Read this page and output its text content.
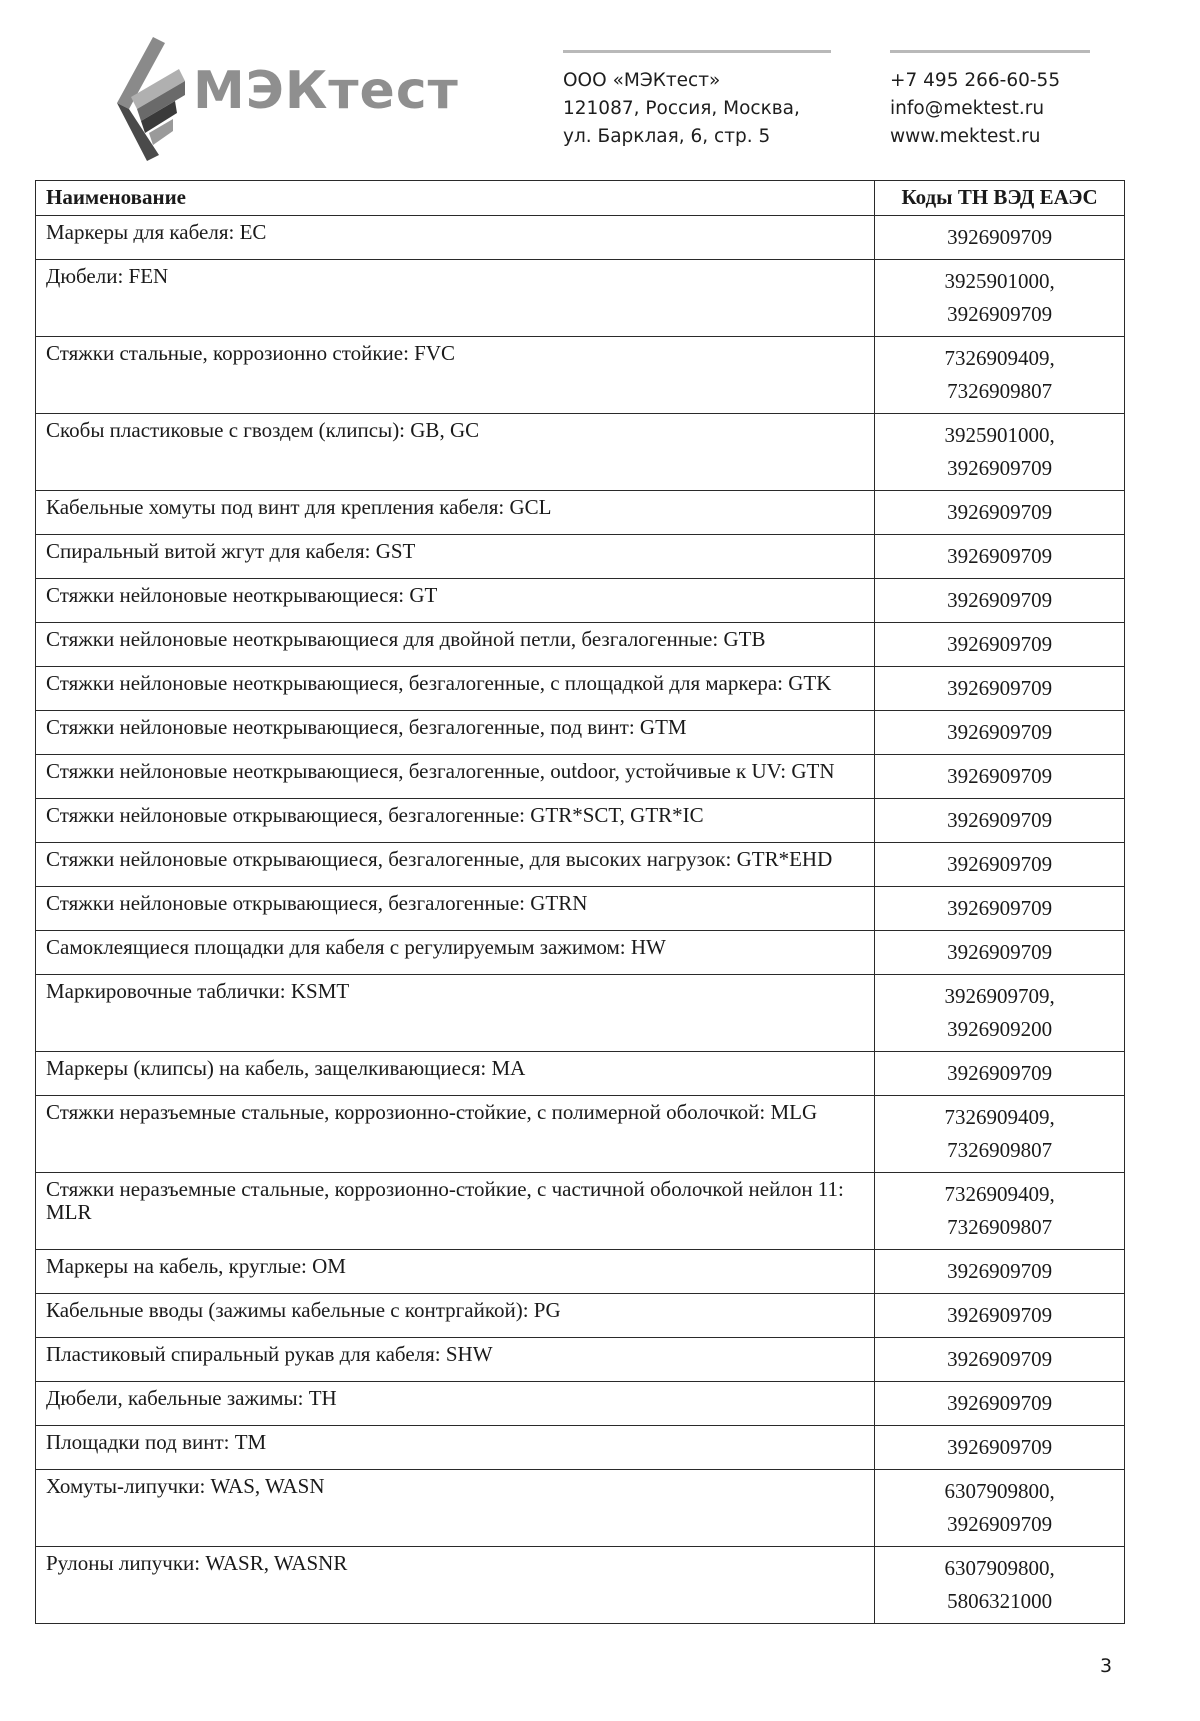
МЭКтест	ООО «МЭКтест»
121087, Россия, Москва,
ул. Барклая, 6, стр. 5
+7 495 266-60-55
info@mektest.ru
www.mektest.ru
Наименование	Коды ТН ВЭД ЕАЭС
Маркеры для кабеля: EC	3926909709

Дюбели: FEN	3925901000,
3926909709

Стяжки стальные, коррозионно стойкие: FVC	7326909409,
7326909807

Скобы пластиковые с гвоздем (клипсы): GB, GC	3925901000,
3926909709

Кабельные хомуты под винт для крепления кабеля: GCL	3926909709

Спиральный витой жгут для кабеля: GST	3926909709

Стяжки нейлоновые неоткрывающиеся: GT	3926909709

Стяжки нейлоновые неоткрывающиеся для двойной петли, безгалогенные: GTB	3926909709

Стяжки нейлоновые неоткрывающиеся, безгалогенные, с площадкой для маркера: GTK	3926909709

Стяжки нейлоновые неоткрывающиеся, безгалогенные, под винт: GTM	3926909709

Стяжки нейлоновые неоткрывающиеся, безгалогенные, outdoor, устойчивые к UV: GTN	3926909709

Стяжки нейлоновые открывающиеся, безгалогенные: GTR*SCT, GTR*IC	3926909709

Стяжки нейлоновые открывающиеся, безгалогенные, для высоких нагрузок: GTR*EHD	3926909709

Стяжки нейлоновые открывающиеся, безгалогенные: GTRN	3926909709

Самоклеящиеся площадки для кабеля с регулируемым зажимом: HW	3926909709

Маркировочные таблички: KSMT	3926909709,
3926909200

Маркеры (клипсы) на кабель, защелкивающиеся: MA	3926909709

Стяжки неразъемные стальные, коррозионно-стойкие, с полимерной оболочкой: MLG	7326909409,
7326909807

Стяжки неразъемные стальные, коррозионно-стойкие, с частичной оболочкой нейлон 11: MLR	7326909409,
7326909807

Маркеры на кабель, круглые: OM	3926909709

Кабельные вводы (зажимы кабельные с контргайкой): PG	3926909709

Пластиковый спиральный рукав для кабеля: SHW	3926909709

Дюбели, кабельные зажимы: TH	3926909709

Площадки под винт: TM	3926909709

Хомуты-липучки: WAS, WASN	6307909800,
3926909709

Рулоны липучки: WASR, WASNR	6307909800,
5806321000
3
